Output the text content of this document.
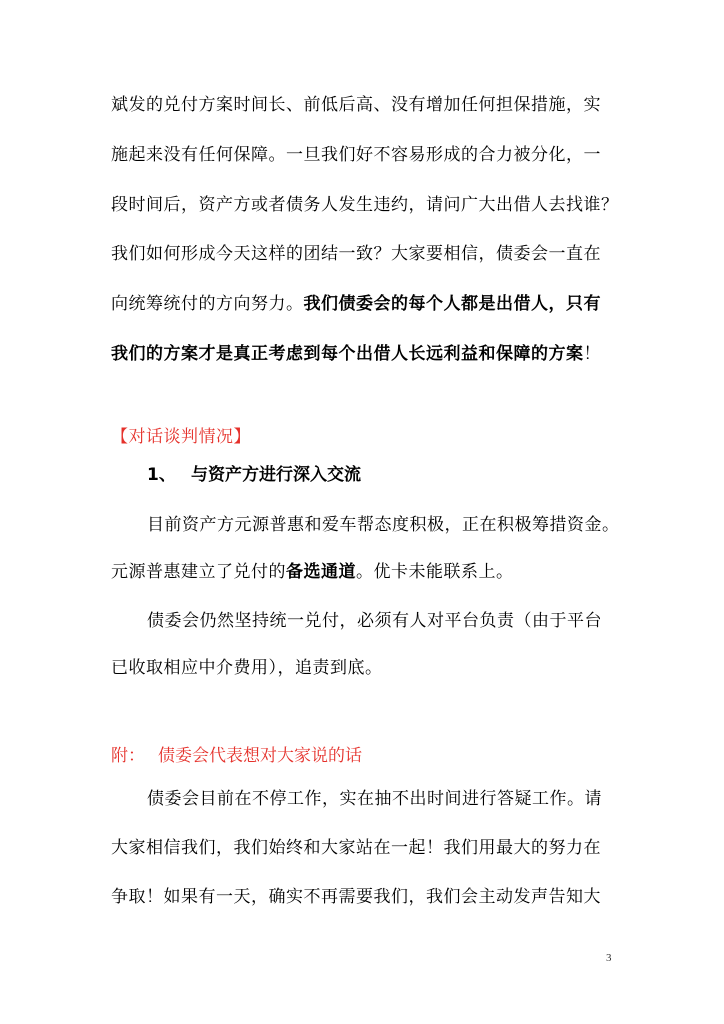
斌发的兑付方案时间长、前低后高、没有增加任何担保措施，实
施起来没有任何保障。一旦我们好不容易形成的合力被分化，一
段时间后，资产方或者债务人发生违约，请问广大出借人去找谁？
我们如何形成今天这样的团结一致？大家要相信，债委会一直在
向统筹统付的方向努力。我们债委会的每个人都是出借人，只有
我们的方案才是真正考虑到每个出借人长远利益和保障的方案！
【对话谈判情况】
1、 与资产方进行深入交流
目前资产方元源普惠和爱车帮态度积极，正在积极筹措资金。
元源普惠建立了兑付的备选通道。优卡未能联系上。
债委会仍然坚持统一兑付，必须有人对平台负责（由于平台
已收取相应中介费用），追责到底。
附： 债委会代表想对大家说的话
债委会目前在不停工作，实在抽不出时间进行答疑工作。请
大家相信我们，我们始终和大家站在一起！我们用最大的努力在
争取！如果有一天，确实不再需要我们，我们会主动发声告知大
3
